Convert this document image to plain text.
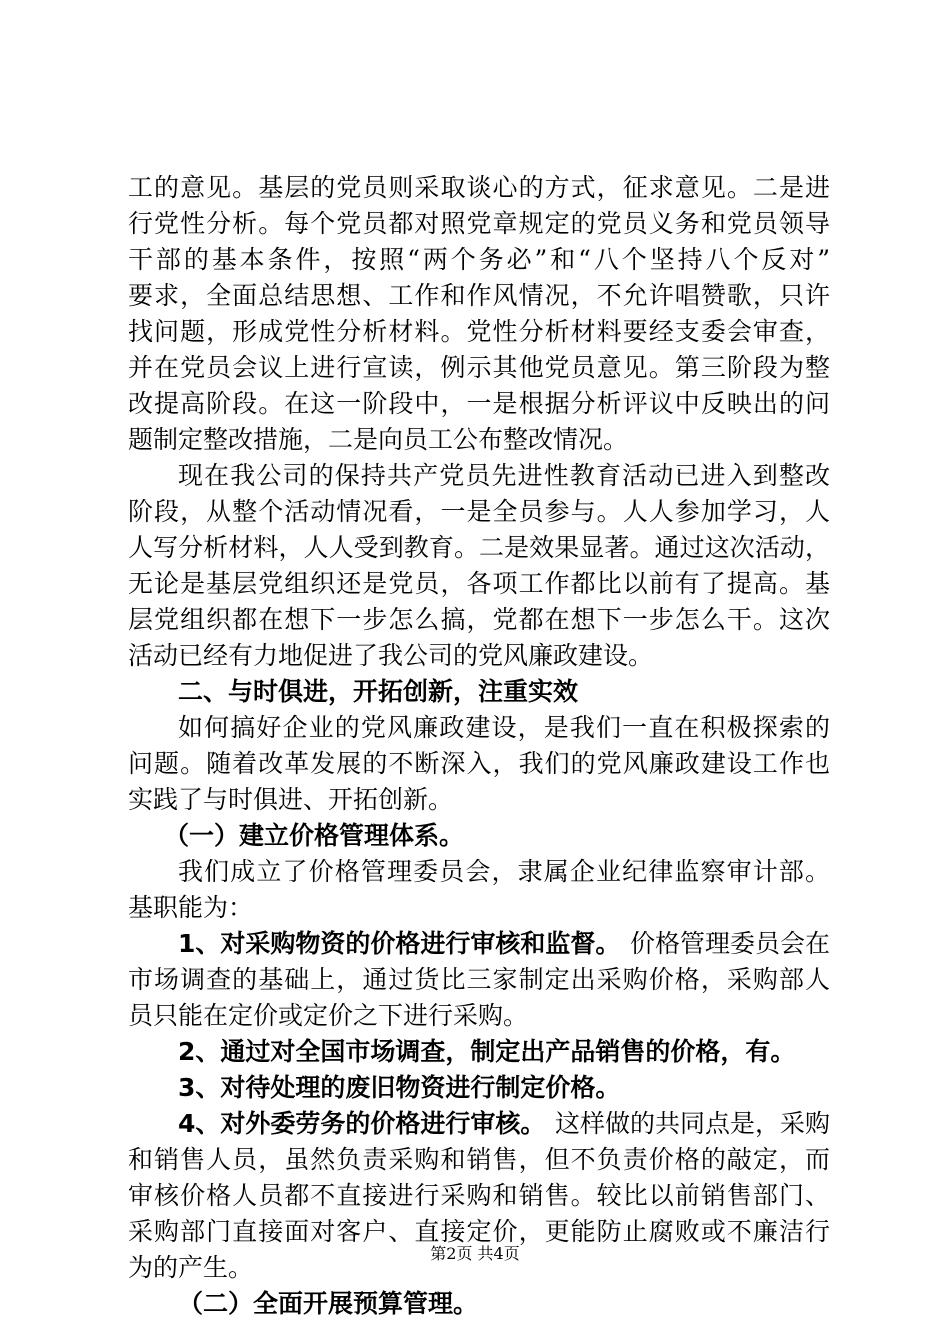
工的意见。基层的党员则采取谈心的方式，征求意见。二是进
行党性分析。每个党员都对照党章规定的党员义务和党员领导
干部的基本条件，按照“两个务必”和“八个坚持八个反对”
要求，全面总结思想、工作和作风情况，不允许唱赞歌，只许
找问题，形成党性分析材料。党性分析材料要经支委会审查，
并在党员会议上进行宣读，例示其他党员意见。第三阶段为整
改提高阶段。在这一阶段中，一是根据分析评议中反映出的问
题制定整改措施，二是向员工公布整改情况。
现在我公司的保持共产党员先进性教育活动已进入到整改
阶段，从整个活动情况看，一是全员参与。人人参加学习，人
人写分析材料，人人受到教育。二是效果显著。通过这次活动，
无论是基层党组织还是党员，各项工作都比以前有了提高。基
层党组织都在想下一步怎么搞，党都在想下一步怎么干。这次
活动已经有力地促进了我公司的党风廉政建设。
二、与时俱进，开拓创新，注重实效
如何搞好企业的党风廉政建设，是我们一直在积极探索的
问题。随着改革发展的不断深入，我们的党风廉政建设工作也
实践了与时俱进、开拓创新。
（一）建立价格管理体系。
我们成立了价格管理委员会，隶属企业纪律监察审计部。
基职能为：
1、对采购物资的价格进行审核和监督。 价格管理委员会在
市场调查的基础上，通过货比三家制定出采购价格，采购部人
员只能在定价或定价之下进行采购。
2、通过对全国市场调查，制定出产品销售的价格，有。
3、对待处理的废旧物资进行制定价格。
4、对外委劳务的价格进行审核。 这样做的共同点是，采购
和销售人员，虽然负责采购和销售，但不负责价格的敲定，而
审核价格人员都不直接进行采购和销售。较比以前销售部门、
采购部门直接面对客户、直接定价，更能防止腐败或不廉洁行
为的产生。
（二）全面开展预算管理。
第2页 共4页
